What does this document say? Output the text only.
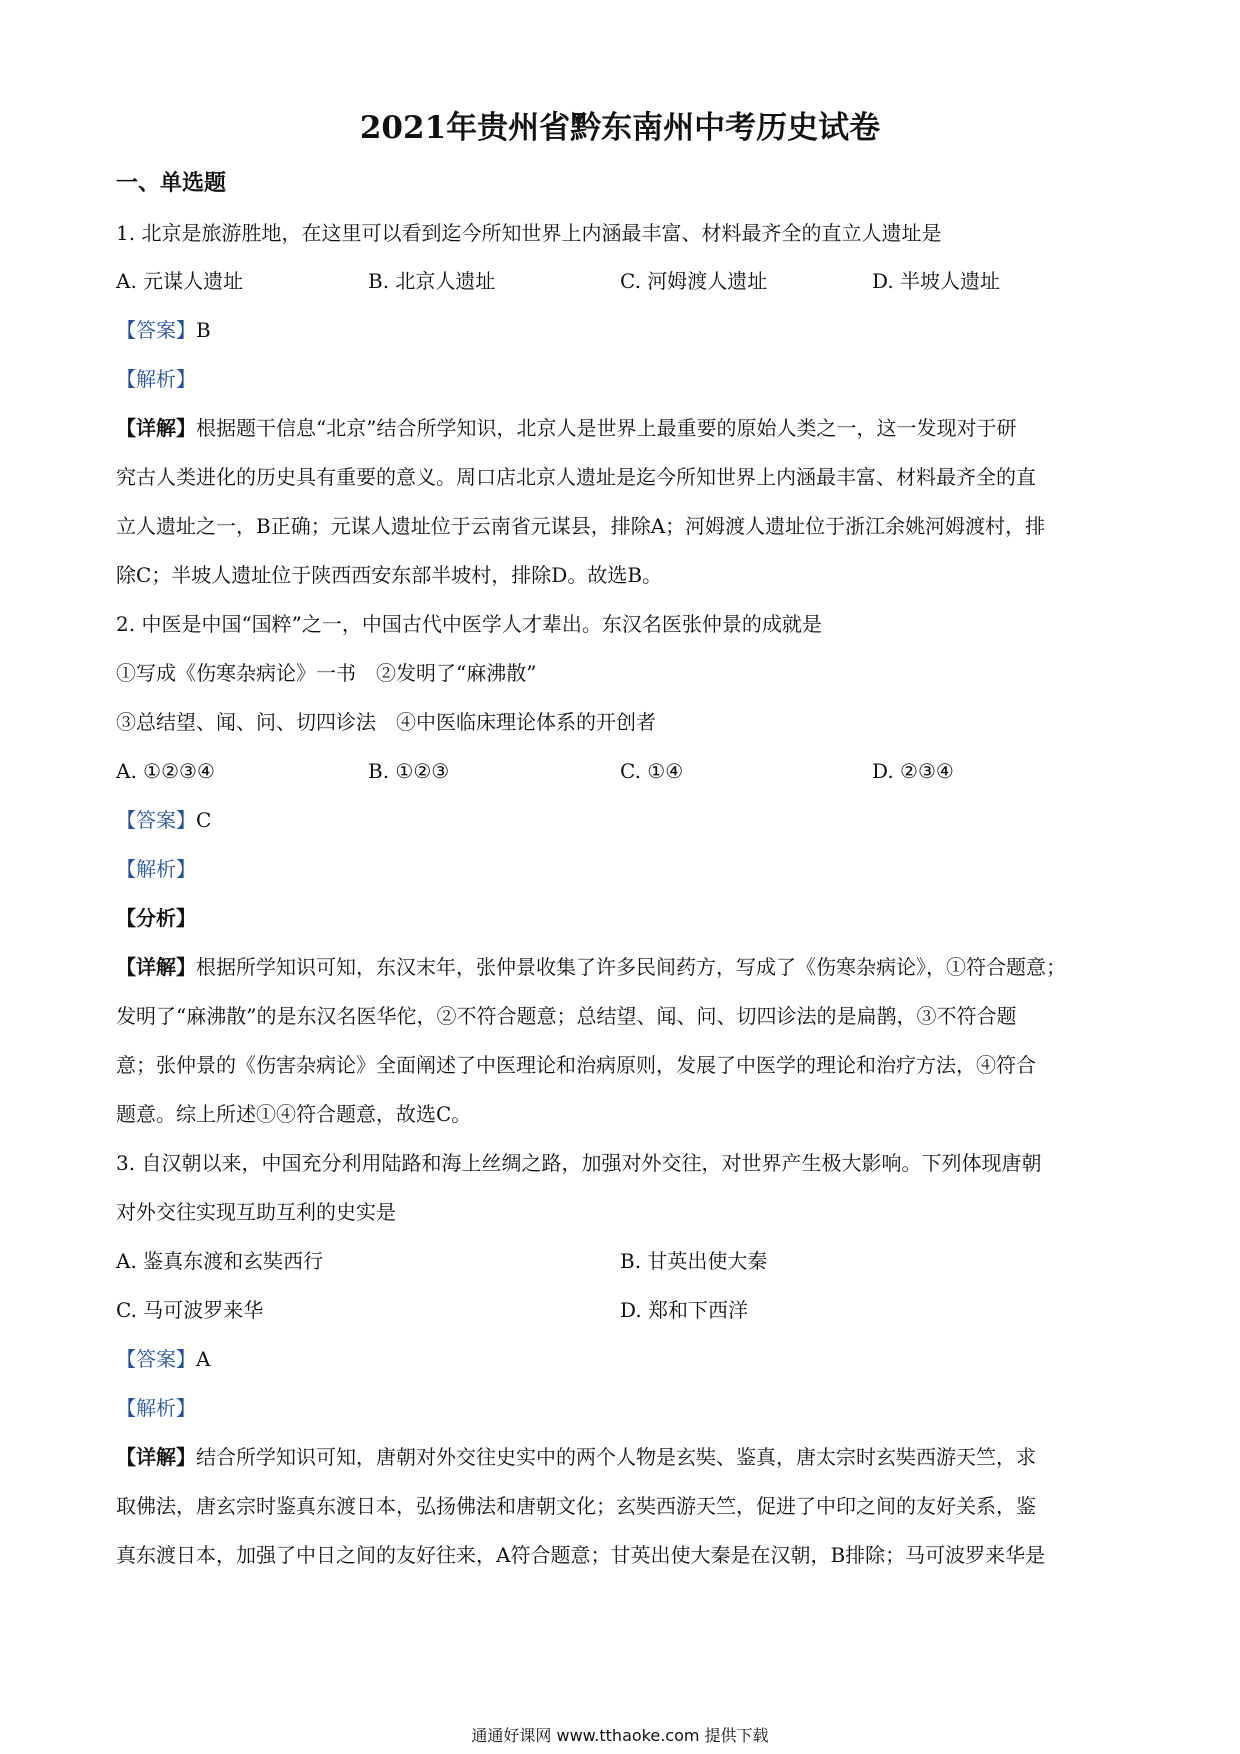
2021年贵州省黔东南州中考历史试卷
一、单选题
1. 北京是旅游胜地，在这里可以看到迄今所知世界上内涵最丰富、材料最齐全的直立人遗址是
A. 元谋人遗址	B. 北京人遗址	C. 河姆渡人遗址	D. 半坡人遗址
【答案】B
【解析】
【详解】根据题干信息“北京”结合所学知识，北京人是世界上最重要的原始人类之一，这一发现对于研
究古人类进化的历史具有重要的意义。周口店北京人遗址是迄今所知世界上内涵最丰富、材料最齐全的直
立人遗址之一，B正确；元谋人遗址位于云南省元谋县，排除A；河姆渡人遗址位于浙江余姚河姆渡村，排
除C；半坡人遗址位于陕西西安东部半坡村，排除D。故选B。
2. 中医是中国“国粹”之一，中国古代中医学人才辈出。东汉名医张仲景的成就是
①写成《伤寒杂病论》一书　②发明了“麻沸散”
③总结望、闻、问、切四诊法　④中医临床理论体系的开创者
A. ①②③④	B. ①②③	C. ①④	D. ②③④
【答案】C
【解析】
【分析】
【详解】根据所学知识可知，东汉末年，张仲景收集了许多民间药方，写成了《伤寒杂病论》，①符合题意；
发明了“麻沸散”的是东汉名医华佗，②不符合题意；总结望、闻、问、切四诊法的是扁鹊，③不符合题
意；张仲景的《伤害杂病论》全面阐述了中医理论和治病原则，发展了中医学的理论和治疗方法，④符合
题意。综上所述①④符合题意，故选C。
3. 自汉朝以来，中国充分利用陆路和海上丝绸之路，加强对外交往，对世界产生极大影响。下列体现唐朝
对外交往实现互助互利的史实是
A. 鉴真东渡和玄奘西行	B. 甘英出使大秦
C. 马可波罗来华	D. 郑和下西洋
【答案】A
【解析】
【详解】结合所学知识可知，唐朝对外交往史实中的两个人物是玄奘、鉴真，唐太宗时玄奘西游天竺，求
取佛法，唐玄宗时鉴真东渡日本，弘扬佛法和唐朝文化；玄奘西游天竺，促进了中印之间的友好关系，鉴
真东渡日本，加强了中日之间的友好往来，A符合题意；甘英出使大秦是在汉朝，B排除；马可波罗来华是
通通好课网 www.tthaoke.com 提供下载
